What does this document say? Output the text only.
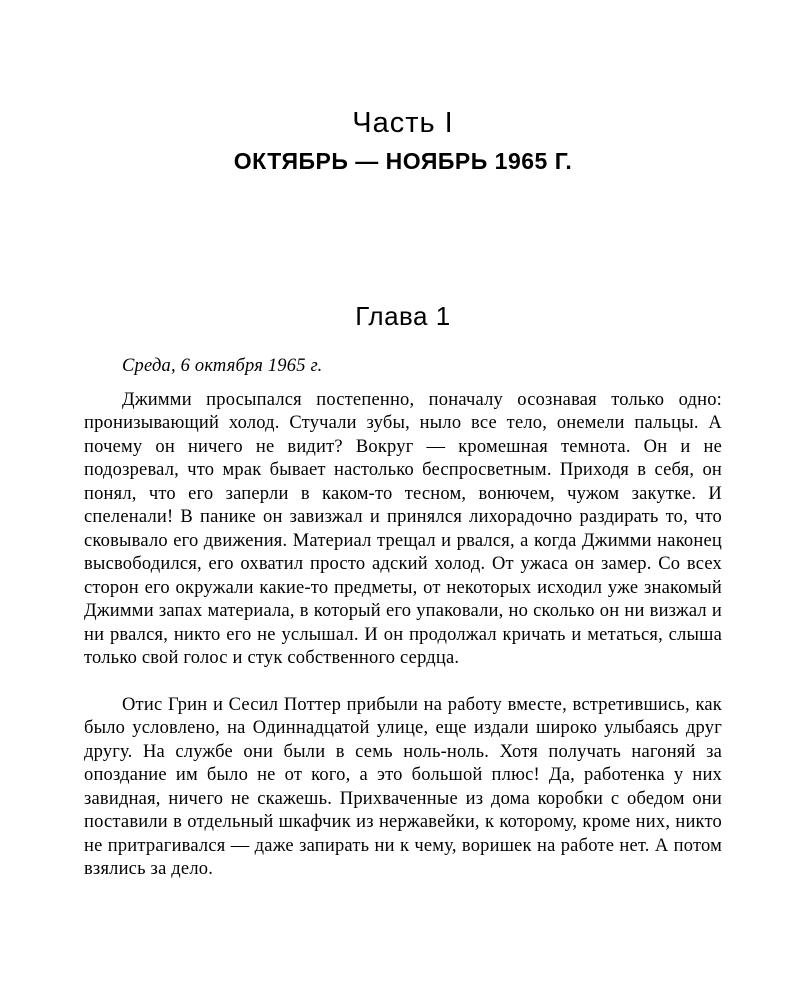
Часть I
ОКТЯБРЬ — НОЯБРЬ 1965 Г.
Глава 1

Среда, 6 октября 1965 г.

Джимми просыпался постепенно, поначалу осознавая только одно: пронизывающий холод. Стучали зубы, ныло все тело, онемели пальцы. А почему он ничего не видит? Вокруг — кромешная темнота. Он и не подозревал, что мрак бывает настолько беспросветным. Приходя в себя, он понял, что его заперли в каком-то тесном, вонючем, чужом закутке. И спеленали! В панике он завизжал и принялся лихорадочно раздирать то, что сковывало его движения. Материал трещал и рвался, а когда Джимми наконец высвободился, его охватил просто адский холод. От ужаса он замер. Со всех сторон его окружали какие-то предметы, от некоторых исходил уже знакомый Джимми запах материала, в который его упаковали, но сколько он ни визжал и ни рвался, никто его не услышал. И он продолжал кричать и метаться, слыша только свой голос и стук собственного сердца.

Отис Грин и Сесил Поттер прибыли на работу вместе, встретившись, как было условлено, на Одиннадцатой улице, еще издали широко улыбаясь друг другу. На службе они были в семь ноль-ноль. Хотя получать нагоняй за опоздание им было не от кого, а это большой плюс! Да, работенка у них завидная, ничего не скажешь. Прихваченные из дома коробки с обедом они поставили в отдельный шкафчик из нержавейки, к которому, кроме них, никто не притрагивался — даже запирать ни к чему, воришек на работе нет. А потом взялись за дело.
